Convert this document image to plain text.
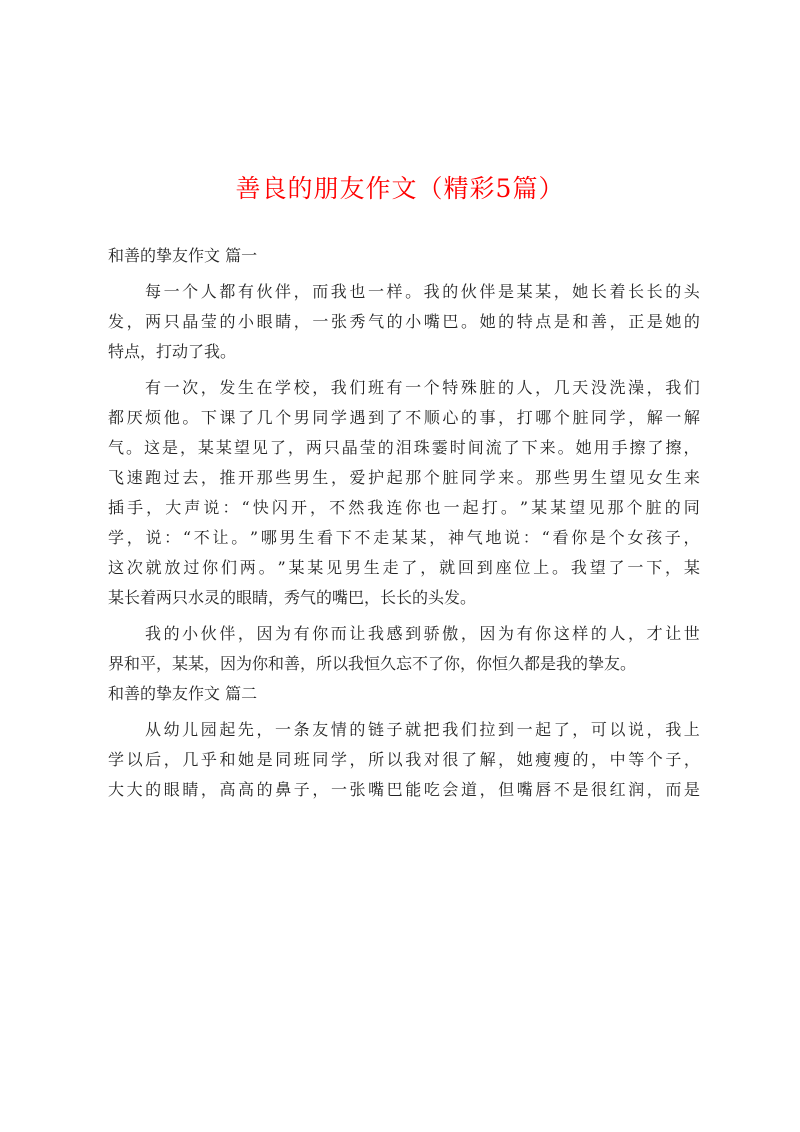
善良的朋友作文（精彩5篇）
和善的挚友作文 篇一
每 一 个 人 都 有 伙 伴 ， 而 我 也 一 样 。 我 的 伙 伴 是 某 某 ， 她 长 着 长 长 的 头
发 ， 两 只 晶 莹 的 小 眼 睛 ， 一 张 秀 气 的 小 嘴 巴 。 她 的 特 点 是 和 善 ， 正 是 她 的
特点，打动了我。
有 一 次 ， 发 生 在 学 校 ， 我 们 班 有 一 个 特 殊 脏 的 人 ， 几 天 没 洗 澡 ， 我 们
都 厌 烦 他 。 下 课 了 几 个 男 同 学 遇 到 了 不 顺 心 的 事 ， 打 哪 个 脏 同 学 ， 解 一 解
气 。 这 是 ， 某 某 望 见 了 ， 两 只 晶 莹 的 泪 珠 霎 时 间 流 了 下 来 。 她 用 手 擦 了 擦 ，
飞 速 跑 过 去 ， 推 开 那 些 男 生 ， 爱 护 起 那 个 脏 同 学 来 。 那 些 男 生 望 见 女 生 来
插 手 ， 大 声 说 ： “ 快 闪 开 ， 不 然 我 连 你 也 一 起 打 。 ” 某 某 望 见 那 个 脏 的 同
学 ， 说 ： “ 不 让 。 ” 哪 男 生 看 下 不 走 某 某 ， 神 气 地 说 ： “ 看 你 是 个 女 孩 子 ，
这 次 就 放 过 你 们 两 。 ” 某 某 见 男 生 走 了 ， 就 回 到 座 位 上 。 我 望 了 一 下 ， 某
某长着两只水灵的眼睛，秀气的嘴巴，长长的头发。
我 的 小 伙 伴 ， 因 为 有 你 而 让 我 感 到 骄 傲 ， 因 为 有 你 这 样 的 人 ， 才 让 世
界和平，某某，因为你和善，所以我恒久忘不了你，你恒久都是我的挚友。
和善的挚友作文 篇二
从 幼 儿 园 起 先 ， 一 条 友 情 的 链 子 就 把 我 们 拉 到 一 起 了 ， 可 以 说 ， 我 上
学 以 后 ， 几 乎 和 她 是 同 班 同 学 ， 所 以 我 对 很 了 解 ， 她 瘦 瘦 的 ， 中 等 个 子 ，
大 大 的 眼 睛 ， 高 高 的 鼻 子 ， 一 张 嘴 巴 能 吃 会 道 ， 但 嘴 唇 不 是 很 红 润 ， 而 是
